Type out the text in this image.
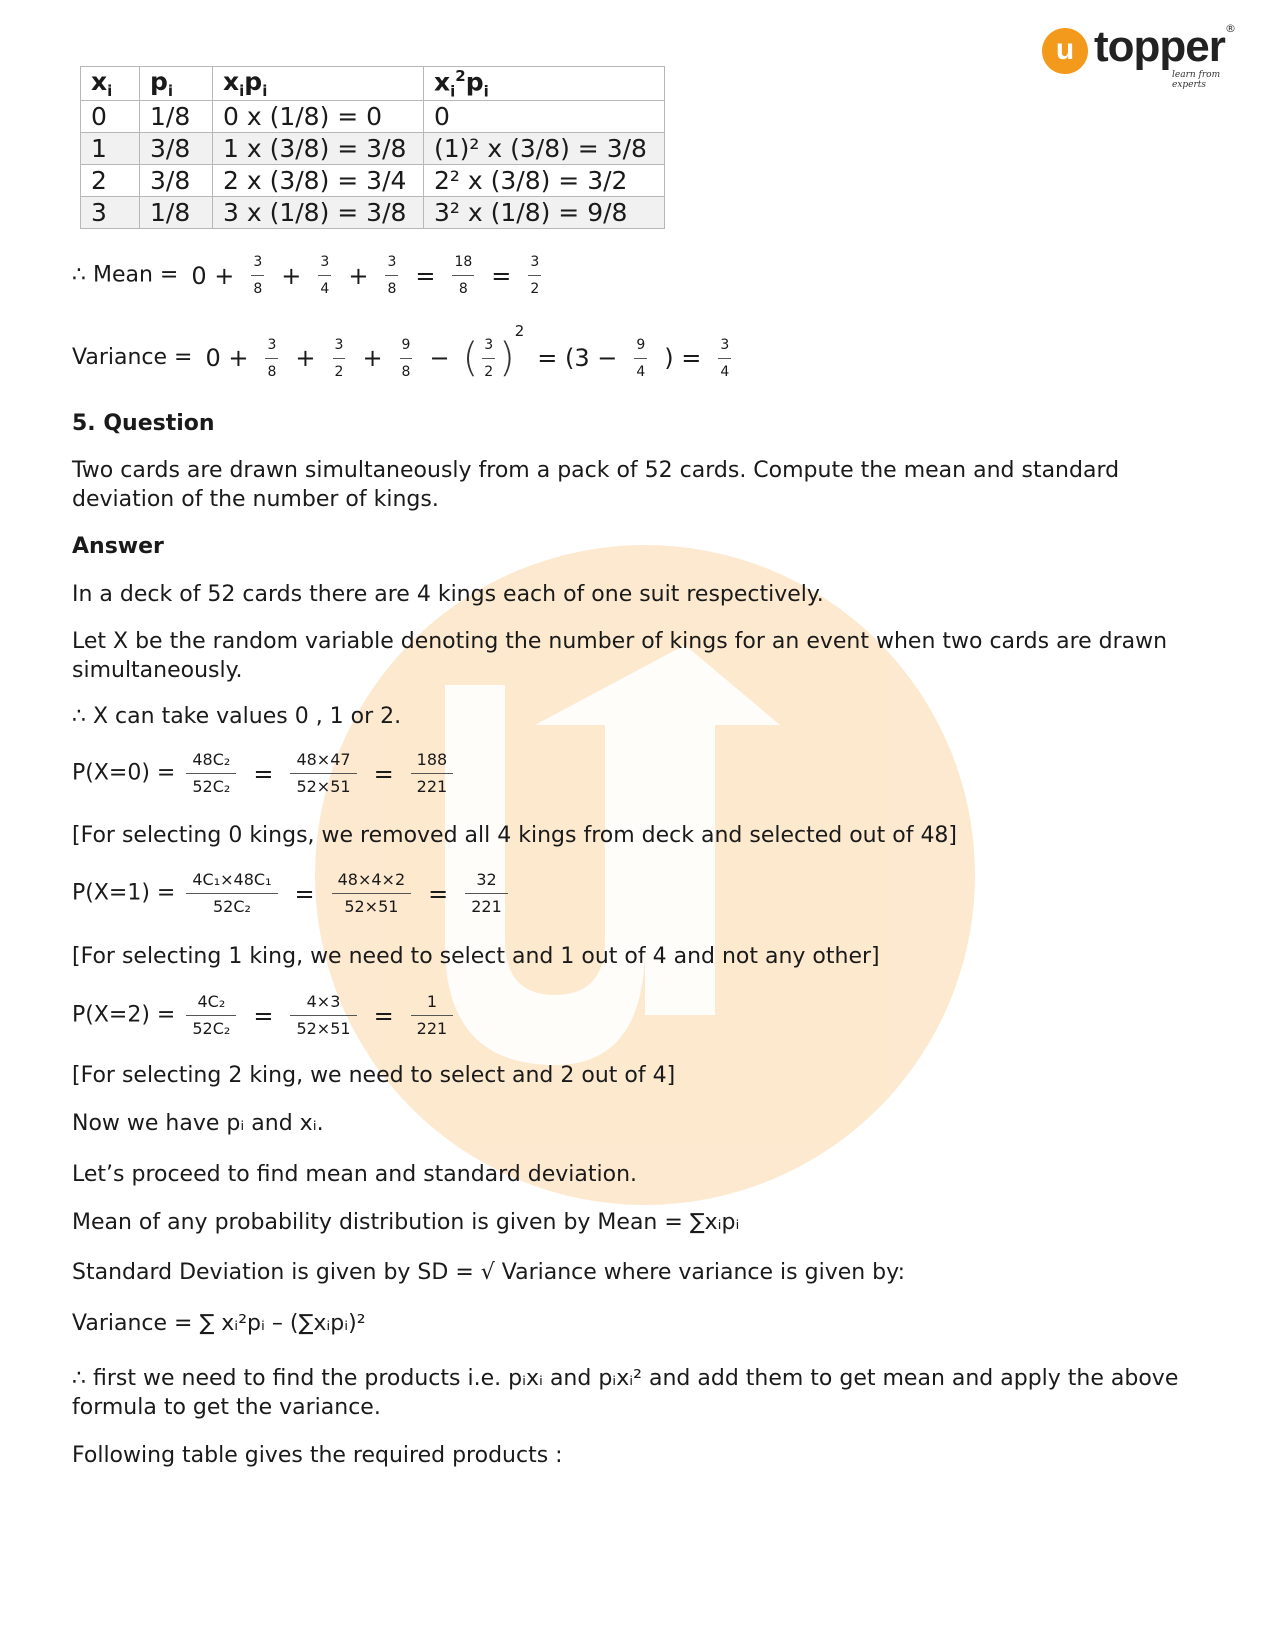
u topper
learn from experts
®
$x_i$	$p_i$	$x_ip_i$	$x_i^2p_i$
0	1/8	0 x (1/8) = 0	0
1	3/8	1 x (3/8) = 3/8	(1)² x (3/8) = 3/8
2	3/8	2 x (3/8) = 3/4	2² x (3/8) = 3/2
3	1/8	3 x (1/8) = 3/8	3² x (1/8) = 9/8
∴ Mean = $0 + \frac{3}{8} + \frac{3}{4} + \frac{3}{8} = \frac{18}{8} = \frac{3}{2}$
Variance = $0 + \frac{3}{8} + \frac{3}{2} + \frac{9}{8}$ − ( $\frac{3}{2} )^2 = (3 - \frac{9}{4}$ ) = $\frac{3}{4}$
5. Question
Two cards are drawn simultaneously from a pack of 52 cards. Compute the mean and standard deviation of the number of kings.
Answer
In a deck of 52 cards there are 4 kings each of one suit respectively.
Let X be the random variable denoting the number of kings for an event when two cards are drawn simultaneously.
∴ X can take values 0 , 1 or 2.
$P(X=0) = \frac{\text{48C₂}}{\text{52C₂}} = \frac{48\times 47}{52\times 51} = \frac{188}{221}$
[For selecting 0 kings, we removed all 4 kings from deck and selected out of 48]
$P(X=1) = \frac{\text{4C₁×48C₁}}{\text{52C₂}} = \frac{48\times 4\times 2}{52\times 51} = \frac{32}{221}$
[For selecting 1 king, we need to select and 1 out of 4 and not any other]
$P(X=2) = \frac{\text{4C₂}}{\text{52C₂}} = \frac{4\times 3}{52\times 51} = \frac{1}{221}$
[For selecting 2 king, we need to select and 2 out of 4]
Now we have pᵢ and xᵢ.
Let’s proceed to find mean and standard deviation.
Mean of any probability distribution is given by Mean = ∑xᵢpᵢ
Standard Deviation is given by SD = √ Variance where variance is given by:
Variance = ∑ xᵢ²pᵢ – (∑xᵢpᵢ)²
∴ first we need to find the products i.e. pᵢxᵢ and pᵢxᵢ² and add them to get mean and apply the above formula to get the variance.
Following table gives the required products :
